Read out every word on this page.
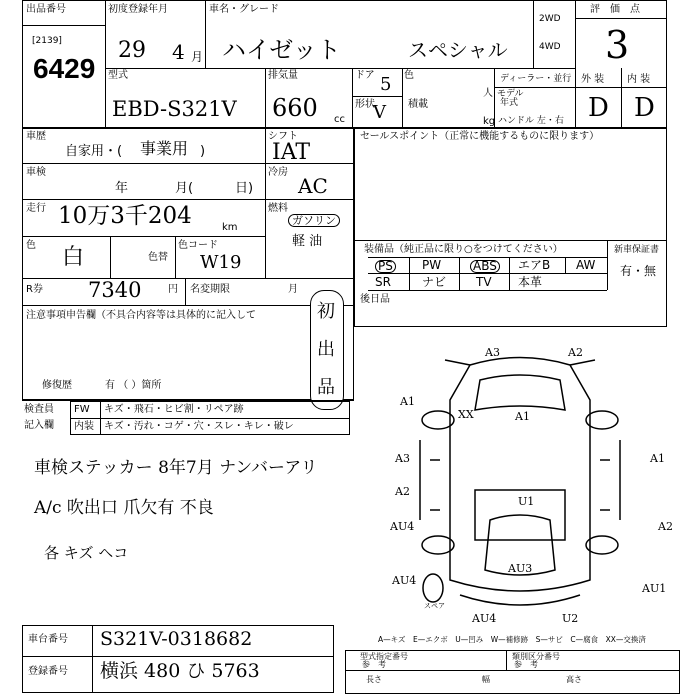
出品番号
[2139]
6429
初度登録年月
29 4 月
車名・グレード
ハイゼット	スペシャル
2WD
4WD
評　価　点
3
型式
EBD-S321V
排気量
660 cc
ドア 5 色
形状
V 積載
人
kg
ディーラー・並行
モデル
年式
ハンドル 左・右
外 装 内 装
D D
車歴
自家用・( 事業用 )
車検
年	月(	日)
走行 10万3千204	km
色 白	色替
色コード
W19
シフト
IAT
冷房
AC
燃料
ガソリン
軽 油
R券 7340	円 名変期限	月
注意事項申告欄（不具合内容等は具体的に記入して
修復歴	有 （ ）箇所
初
出
品
セールスポイント（正常に機能するものに限ります）
装備品（純正品に限り○をつけてください）	新車保証書
有・無
PS PW	ABS エアB AW
SR	ナビ TV 本革
後日品
検査員
記入欄
FW キズ・飛石・ヒビ割・リペア跡
内装 キズ・汚れ・コゲ・穴・スレ・キレ・破レ
車検ステッカー 8年7月 ナンバーアリ
A/c 吹出口 爪欠有 不良
各 キズ ヘコ
A3	A2
A1
XX	A1
A3
A2
A1
A2
U1
AU4
AU3
AU4
AU1
U2
AU4
スペア
A—キズ　E—エクボ　U—凹み　W—補修跡　S—サビ　C—腐食　XX—交換済
車台番号 S321V-0318682
登録番号 横浜 480 ひ 5763
型式指定番号
参　考
類別区分番号
参　考
長さ	幅	高さ
